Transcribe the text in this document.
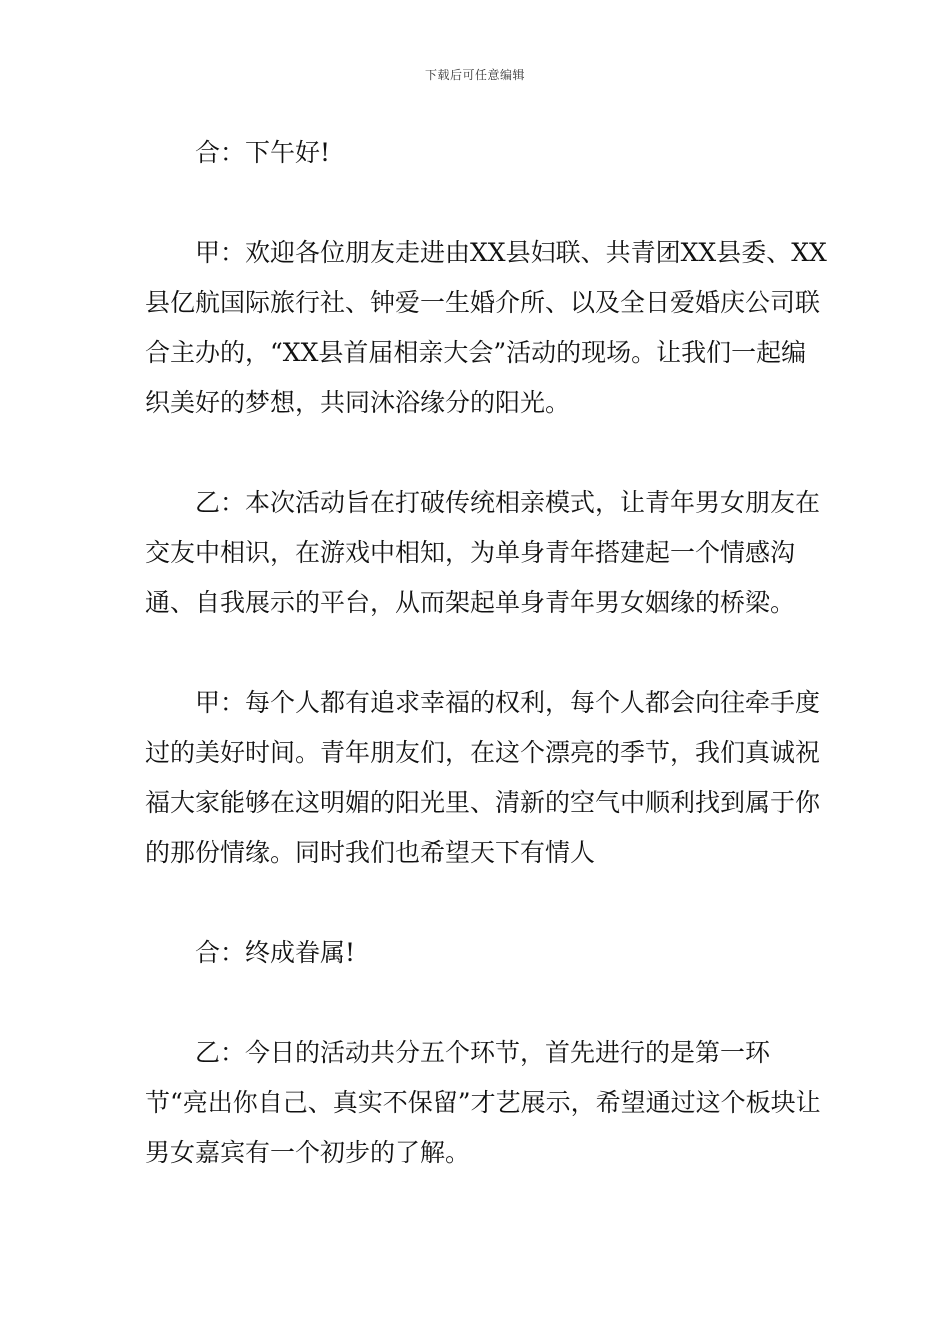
下载后可任意编辑

合：下午好!

甲：欢迎各位朋友走进由XX县妇联、共青团XX县委、XX县亿航国际旅行社、钟爱一生婚介所、以及全日爱婚庆公司联合主办的，“XX县首届相亲大会”活动的现场。让我们一起编织美好的梦想，共同沐浴缘分的阳光。

乙：本次活动旨在打破传统相亲模式，让青年男女朋友在交友中相识，在游戏中相知，为单身青年搭建起一个情感沟通、自我展示的平台，从而架起单身青年男女姻缘的桥梁。

甲：每个人都有追求幸福的权利，每个人都会向往牵手度过的美好时间。青年朋友们，在这个漂亮的季节，我们真诚祝福大家能够在这明媚的阳光里、清新的空气中顺利找到属于你的那份情缘。同时我们也希望天下有情人

合：终成眷属!

乙：今日的活动共分五个环节，首先进行的是第一环节“亮出你自己、真实不保留”才艺展示，希望通过这个板块让男女嘉宾有一个初步的了解。
